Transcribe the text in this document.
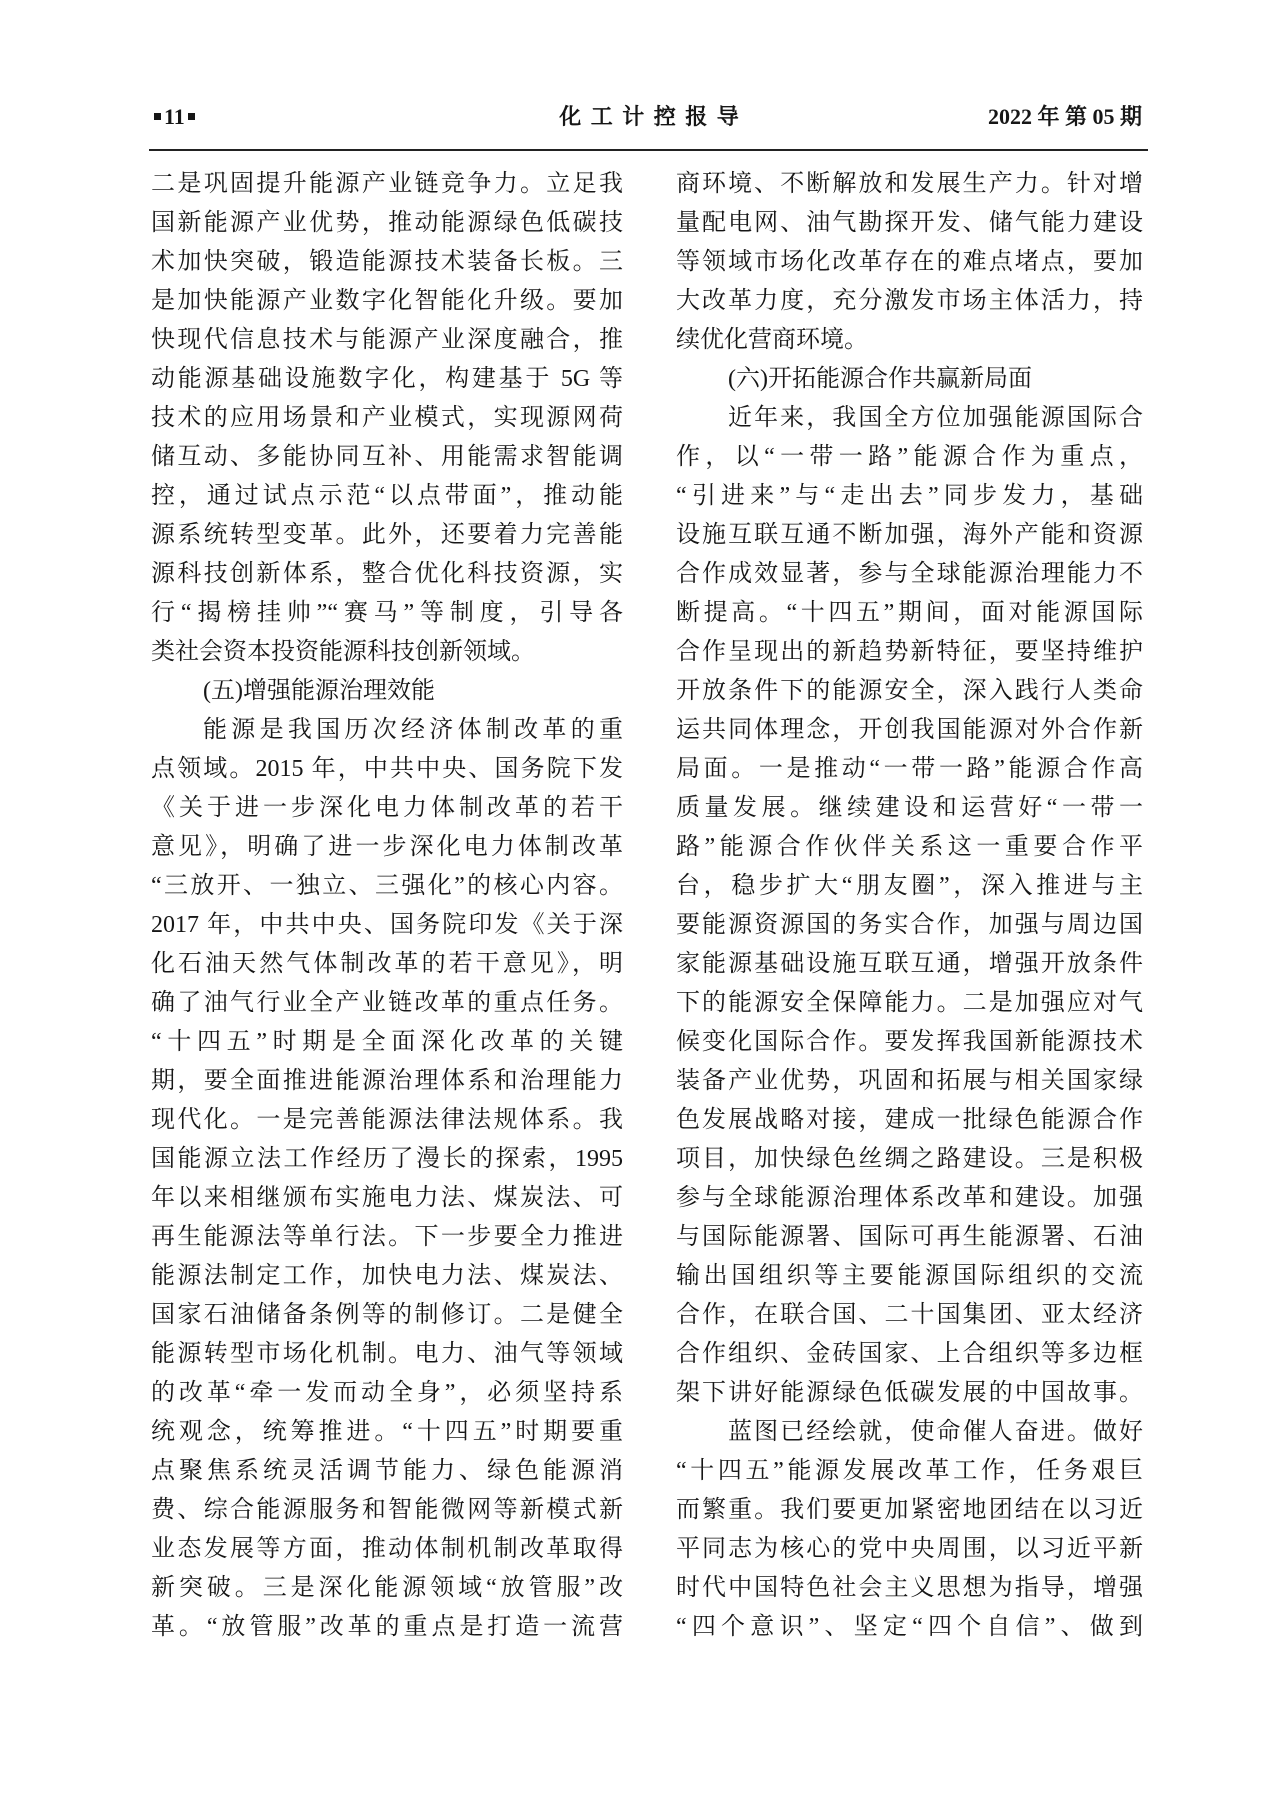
11	化 工 计 控 报 导	2022 年 第 05 期
二是巩固提升能源产业链竞争力。立足我
国新能源产业优势，推动能源绿色低碳技
术加快突破，锻造能源技术装备长板。三
是加快能源产业数字化智能化升级。要加
快现代信息技术与能源产业深度融合，推
动能源基础设施数字化，构建基于 5G 等
技术的应用场景和产业模式，实现源网荷
储互动、多能协同互补、用能需求智能调
控，通过试点示范“以点带面”，推动能
源系统转型变革。此外，还要着力完善能
源科技创新体系，整合优化科技资源，实
行“揭榜挂帅”“赛马”等制度，引导各
类社会资本投资能源科技创新领域。
(五)增强能源治理效能
能源是我国历次经济体制改革的重
点领域。2015 年，中共中央、国务院下发
《关于进一步深化电力体制改革的若干
意见》，明确了进一步深化电力体制改革
“三放开、一独立、三强化”的核心内容。
2017 年，中共中央、国务院印发《关于深
化石油天然气体制改革的若干意见》，明
确了油气行业全产业链改革的重点任务。
“十四五”时期是全面深化改革的关键
期，要全面推进能源治理体系和治理能力
现代化。一是完善能源法律法规体系。我
国能源立法工作经历了漫长的探索，1995
年以来相继颁布实施电力法、煤炭法、可
再生能源法等单行法。下一步要全力推进
能源法制定工作，加快电力法、煤炭法、
国家石油储备条例等的制修订。二是健全
能源转型市场化机制。电力、油气等领域
的改革“牵一发而动全身”，必须坚持系
统观念，统筹推进。“十四五”时期要重
点聚焦系统灵活调节能力、绿色能源消
费、综合能源服务和智能微网等新模式新
业态发展等方面，推动体制机制改革取得
新突破。三是深化能源领域“放管服”改
革。“放管服”改革的重点是打造一流营
商环境、不断解放和发展生产力。针对增
量配电网、油气勘探开发、储气能力建设
等领域市场化改革存在的难点堵点，要加
大改革力度，充分激发市场主体活力，持
续优化营商环境。
(六)开拓能源合作共赢新局面
近年来，我国全方位加强能源国际合
作，以“一带一路”能源合作为重点，
“引进来”与“走出去”同步发力，基础
设施互联互通不断加强，海外产能和资源
合作成效显著，参与全球能源治理能力不
断提高。“十四五”期间，面对能源国际
合作呈现出的新趋势新特征，要坚持维护
开放条件下的能源安全，深入践行人类命
运共同体理念，开创我国能源对外合作新
局面。一是推动“一带一路”能源合作高
质量发展。继续建设和运营好“一带一
路”能源合作伙伴关系这一重要合作平
台，稳步扩大“朋友圈”，深入推进与主
要能源资源国的务实合作，加强与周边国
家能源基础设施互联互通，增强开放条件
下的能源安全保障能力。二是加强应对气
候变化国际合作。要发挥我国新能源技术
装备产业优势，巩固和拓展与相关国家绿
色发展战略对接，建成一批绿色能源合作
项目，加快绿色丝绸之路建设。三是积极
参与全球能源治理体系改革和建设。加强
与国际能源署、国际可再生能源署、石油
输出国组织等主要能源国际组织的交流
合作，在联合国、二十国集团、亚太经济
合作组织、金砖国家、上合组织等多边框
架下讲好能源绿色低碳发展的中国故事。
蓝图已经绘就，使命催人奋进。做好
“十四五”能源发展改革工作，任务艰巨
而繁重。我们要更加紧密地团结在以习近
平同志为核心的党中央周围，以习近平新
时代中国特色社会主义思想为指导，增强
“四个意识”、坚定“四个自信”、做到
